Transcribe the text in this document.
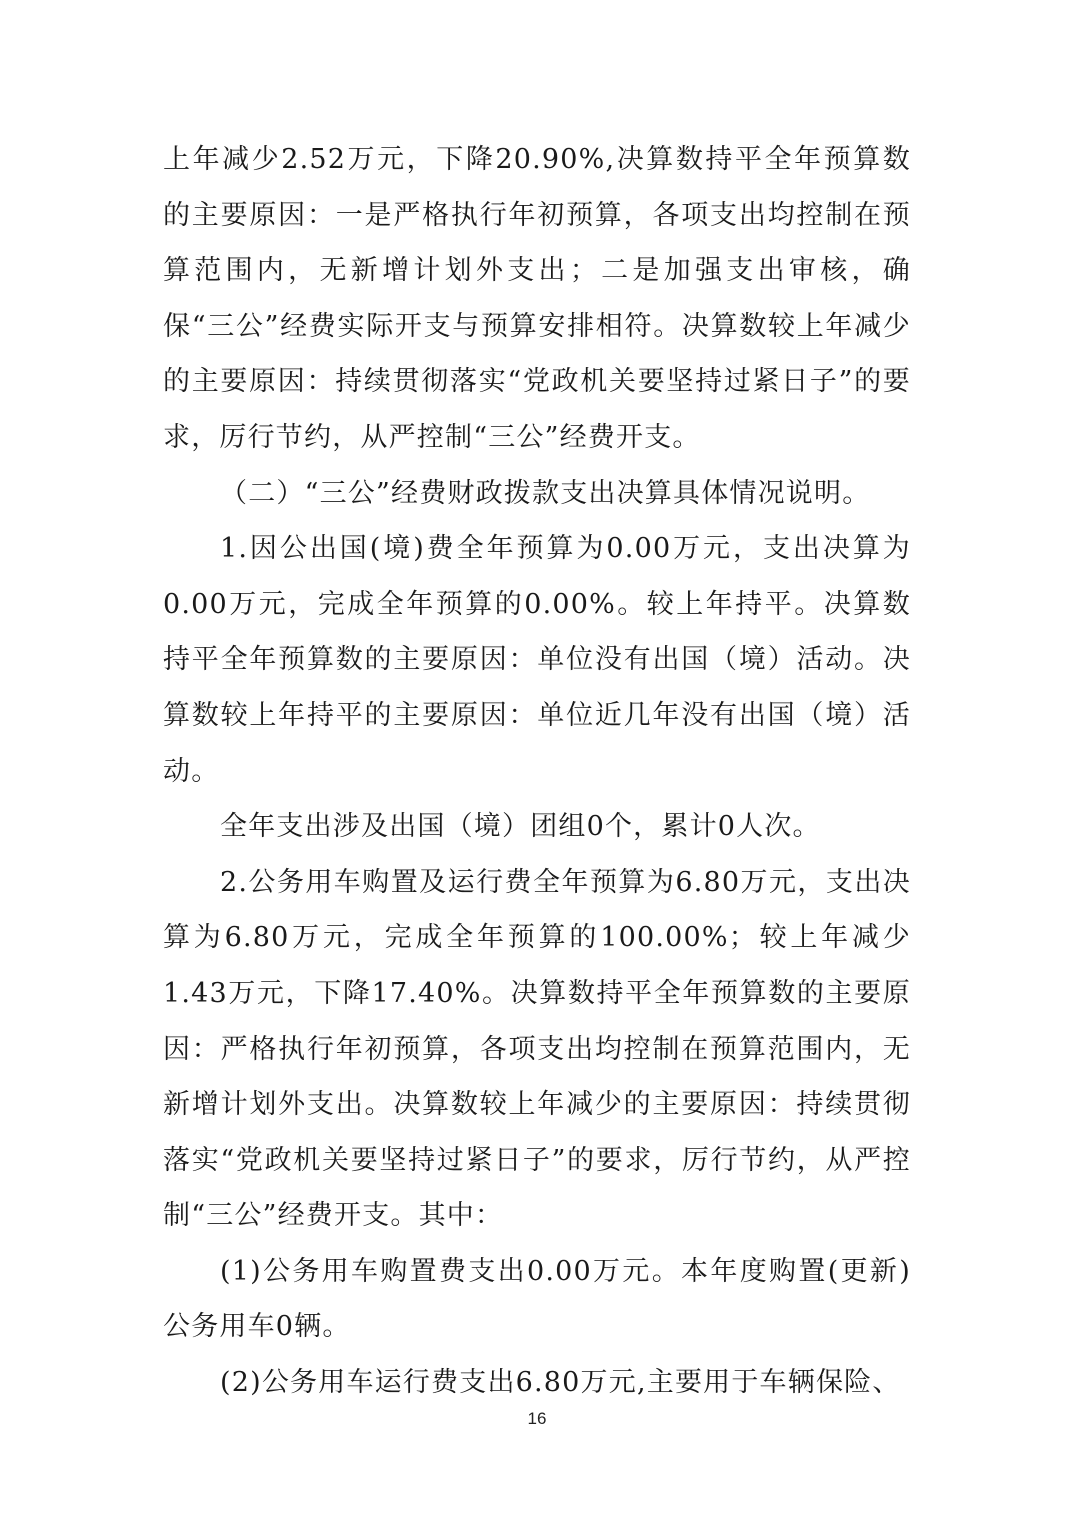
上年减少2.52万元，下降20.90%,决算数持平全年预算数的主要原因：一是严格执行年初预算，各项支出均控制在预算范围内，无新增计划外支出；二是加强支出审核，确保“三公”经费实际开支与预算安排相符。决算数较上年减少的主要原因：持续贯彻落实“党政机关要坚持过紧日子”的要求，厉行节约，从严控制“三公”经费开支。

（二）“三公”经费财政拨款支出决算具体情况说明。

1.因公出国(境)费全年预算为0.00万元，支出决算为0.00万元，完成全年预算的0.00%。较上年持平。决算数持平全年预算数的主要原因：单位没有出国（境）活动。决算数较上年持平的主要原因：单位近几年没有出国（境）活动。

全年支出涉及出国（境）团组0个，累计0人次。

2.公务用车购置及运行费全年预算为6.80万元，支出决算为6.80万元，完成全年预算的100.00%；较上年减少1.43万元，下降17.40%。决算数持平全年预算数的主要原因：严格执行年初预算，各项支出均控制在预算范围内，无新增计划外支出。决算数较上年减少的主要原因：持续贯彻落实“党政机关要坚持过紧日子”的要求，厉行节约，从严控制“三公”经费开支。其中：

(1)公务用车购置费支出0.00万元。本年度购置(更新)公务用车0辆。

(2)公务用车运行费支出6.80万元,主要用于车辆保险、

16
